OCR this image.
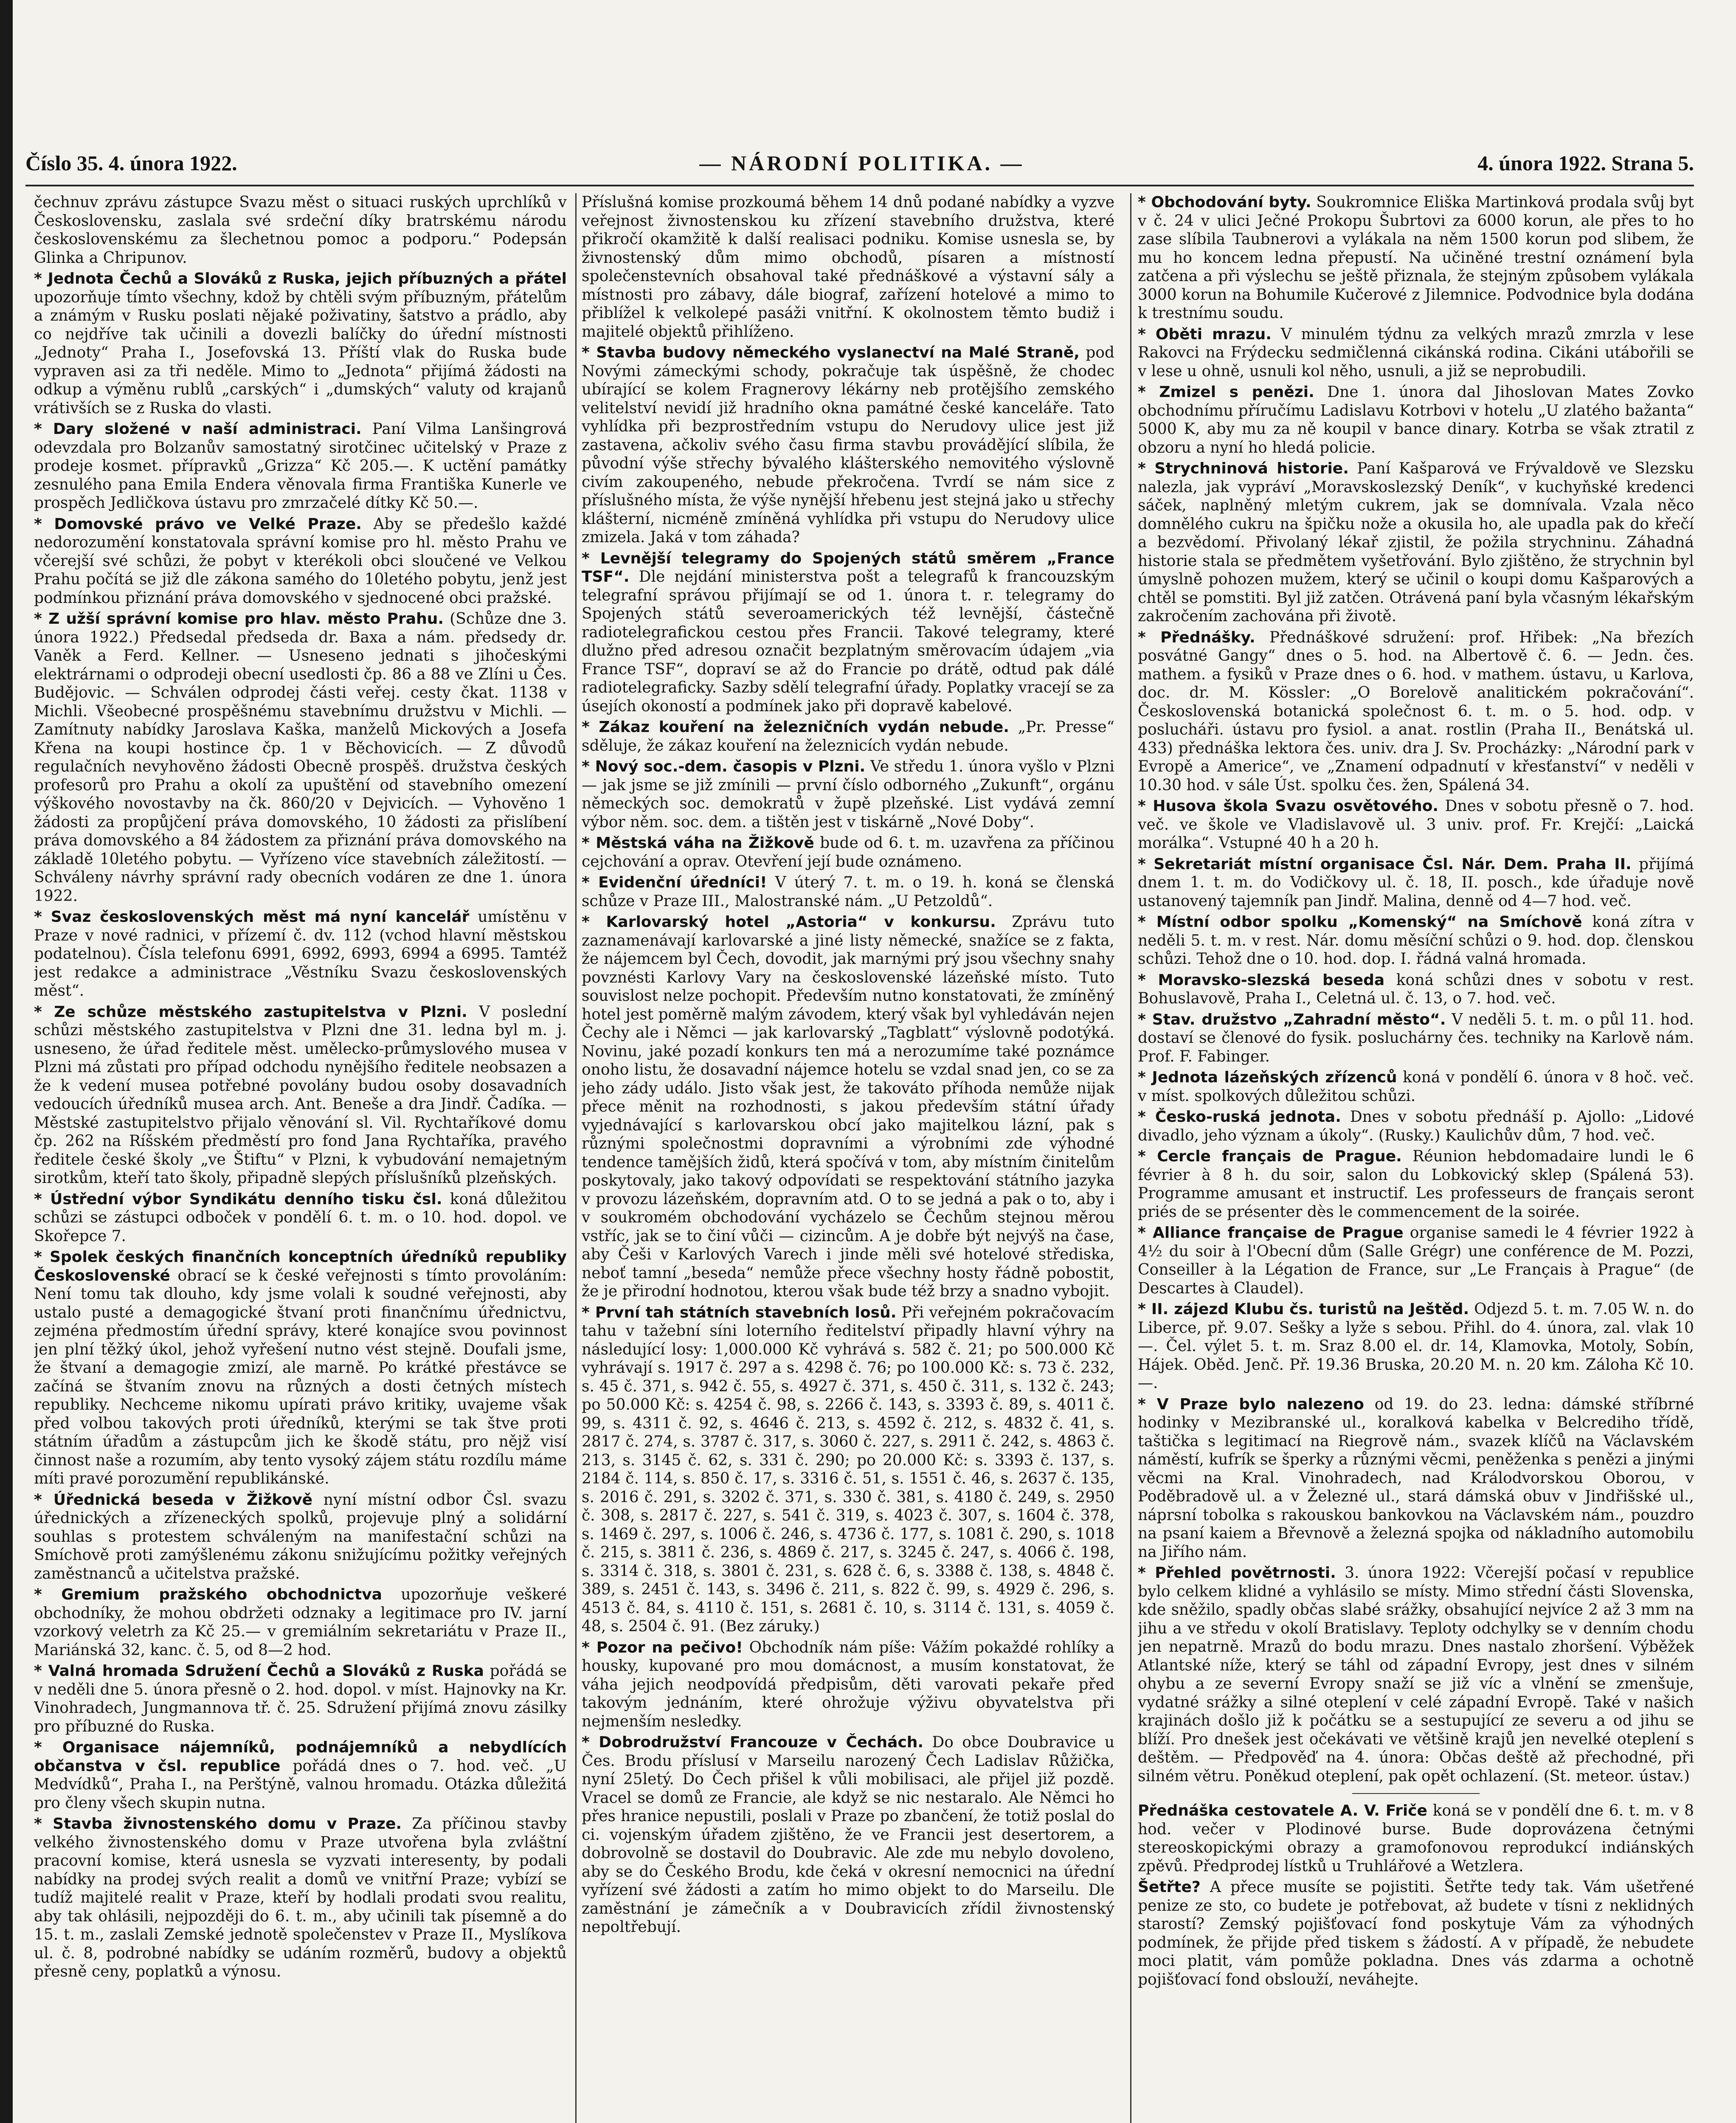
Číslo 35. 4. února 1922.	— NÁRODNÍ POLITIKA. —	4. února 1922. Strana 5.

čechnuv zprávu zástupce Svazu měst o situaci ruských uprchlíků v Československu, zaslala své srdeční díky bratrskému národu československému za šlechetnou pomoc a podporu.“ Podepsán Glinka a Chripunov.

* Jednota Čechů a Slováků z Ruska, jejich příbuzných a přátel upozorňuje tímto všechny, kdož by chtěli svým příbuzným, přátelům a známým v Rusku poslati nějaké poživatiny, šatstvo a prádlo, aby co nejdříve tak učinili a dovezli balíčky do úřední místnosti „Jednoty“ Praha I., Josefovská 13. Příští vlak do Ruska bude vypraven asi za tři neděle. Mimo to „Jednota“ přijímá žádosti na odkup a výměnu rublů „carských“ i „dumských“ valuty od krajanů vrátivších se z Ruska do vlasti.

* Dary složené v naší administraci. Paní Vilma Lanšingrová odevzdala pro Bolzanův samostatný sirotčinec učitelský v Praze z prodeje kosmet. přípravků „Grizza“ Kč 205.—. K uctění památky zesnulého pana Emila Endera věnovala firma Františka Kunerle ve prospěch Jedličkova ústavu pro zmrzačelé dítky Kč 50.—.

* Domovské právo ve Velké Praze. Aby se předešlo každé nedorozumění konstatovala správní komise pro hl. město Prahu ve včerejší své schůzi, že pobyt v kterékoli obci sloučené ve Velkou Prahu počítá se již dle zákona samého do 10letého pobytu, jenž jest podmínkou přiznání práva domovského v sjednocené obci pražské.

* Z užší správní komise pro hlav. město Prahu. (Schůze dne 3. února 1922.) Předsedal předseda dr. Baxa a nám. předsedy dr. Vaněk a Ferd. Kellner. — Usneseno jednati s jihočeskými elektrárnami o odprodeji obecní usedlosti čp. 86 a 88 ve Zlíni u Čes. Budějovic. — Schválen odprodej části veřej. cesty čkat. 1138 v Michli. Všeobecné prospěšnému stavebnímu družstvu v Michli. — Zamítnuty nabídky Jaroslava Kaška, manželů Mickových a Josefa Křena na koupi hostince čp. 1 v Běchovicích. — Z důvodů regulačních nevyhověno žádosti Obecně prospěš. družstva českých profesorů pro Prahu a okolí za upuštění od stavebního omezení výškového novostavby na čk. 860/20 v Dejvicích. — Vyhověno 1 žádosti za propůjčení práva domovského, 10 žádosti za přislíbení práva domovského a 84 žádostem za přiznání práva domovského na základě 10letého pobytu. — Vyřízeno více stavebních záležitostí. — Schváleny návrhy správní rady obecních vodáren ze dne 1. února 1922.

* Svaz československých měst má nyní kancelář umístěnu v Praze v nové radnici, v přízemí č. dv. 112 (vchod hlavní městskou podatelnou). Čísla telefonu 6991, 6992, 6993, 6994 a 6995. Tamtéž jest redakce a administrace „Věstníku Svazu československých měst“.

* Ze schůze městského zastupitelstva v Plzni. V poslední schůzi městského zastupitelstva v Plzni dne 31. ledna byl m. j. usneseno, že úřad ředitele měst. umělecko-průmyslového musea v Plzni má zůstati pro případ odchodu nynějšího ředitele neobsazen a že k vedení musea potřebné povolány budou osoby dosavadních vedoucích úředníků musea arch. Ant. Beneše a dra Jindř. Čadíka. — Městské zastupitelstvo přijalo věnování sl. Vil. Rychtaříkové domu čp. 262 na Ríšském předměstí pro fond Jana Rychtaříka, pravého ředitele české školy „ve Štiftu“ v Plzni, k vybudování nemajetným sirotkům, kteří tato školy, připadně slepých příslušníků plzeňských.

* Ústřední výbor Syndikátu denního tisku čsl. koná důležitou schůzi se zástupci odboček v pondělí 6. t. m. o 10. hod. dopol. ve Skořepce 7.

* Spolek českých finančních konceptních úředníků republiky Československé obrací se k české veřejnosti s tímto provoláním: Není tomu tak dlouho, kdy jsme volali k soudné veřejnosti, aby ustalo pusté a demagogické štvaní proti finančnímu úřednictvu, zejména předmostím úřední správy, které konajíce svou povinnost jen plní těžký úkol, jehož vyřešení nutno vést stejně. Doufali jsme, že štvaní a demagogie zmizí, ale marně. Po krátké přestávce se začíná se štvaním znovu na různých a dosti četných místech republiky. Nechceme nikomu upírati právo kritiky, uvajeme však před volbou takových proti úředníků, kterými se tak štve proti státním úřadům a zástupcům jich ke škodě státu, pro nějž visí činnost naše a rozumím, aby tento vysoký zájem státu rozdílu máme míti pravé porozumění republikánské.

* Úřednická beseda v Žižkově nyní místní odbor Čsl. svazu úřednických a zřízeneckých spolků, projevuje plný a solidární souhlas s protestem schváleným na manifestační schůzi na Smíchově proti zamýšlenému zákonu snižujícímu požitky veřejných zaměstnanců a učitelstva pražské.

* Gremium pražského obchodnictva upozorňuje veškeré obchodníky, že mohou obdržeti odznaky a legitimace pro IV. jarní vzorkový veletrh za Kč 25.— v gremiálním sekretariátu v Praze II., Mariánská 32, kanc. č. 5, od 8—2 hod.

* Valná hromada Sdružení Čechů a Slováků z Ruska pořádá se v neděli dne 5. února přesně o 2. hod. dopol. v míst. Hajnovky na Kr. Vinohradech, Jungmannova tř. č. 25. Sdružení přijímá znovu zásilky pro příbuzné do Ruska.

* Organisace nájemníků, podnájemníků a nebydlících občanstva v čsl. republice pořádá dnes o 7. hod. več. „U Medvídků“, Praha I., na Perštýně, valnou hromadu. Otázka důležitá pro členy všech skupin nutna.

* Stavba živnostenského domu v Praze. Za příčinou stavby velkého živnostenského domu v Praze utvořena byla zvláštní pracovní komise, která usnesla se vyzvati interesenty, by podali nabídky na prodej svých realit a domů ve vnitřní Praze; vybízí se tudíž majitelé realit v Praze, kteří by hodlali prodati svou realitu, aby tak ohlásili, nejpozději do 6. t. m., aby učinili tak písemně a do 15. t. m., zaslali Zemské jednotě společenstev v Praze II., Myslíkova ul. č. 8, podrobné nabídky se udáním rozměrů, budovy a objektů přesně ceny, poplatků a výnosu.

Příslušná komise prozkoumá během 14 dnů podané nabídky a vyzve veřejnost živnostenskou ku zřízení stavebního družstva, které přikročí okamžitě k další realisaci podniku. Komise usnesla se, by živnostenský dům mimo obchodů, písaren a místností společenstevních obsahoval také přednáškové a výstavní sály a místnosti pro zábavy, dále biograf, zařízení hotelové a mimo to přiblížel k velkolepé pasáži vnitřní. K okolnostem těmto budiž i majitelé objektů přihlíženo.

* Stavba budovy německého vyslanectví na Malé Straně, pod Novými zámeckými schody, pokračuje tak úspěšně, že chodec ubírající se kolem Fragnerovy lékárny neb protějšího zemského velitelství nevidí již hradního okna památné české kanceláře. Tato vyhlídka při bezprostředním vstupu do Nerudovy ulice jest již zastavena, ačkoliv svého času firma stavbu provádějící slíbila, že původní výše střechy bývalého klášterského nemovitého výslovně civím zakoupeného, nebude překročena. Tvrdí se nám sice z příslušného místa, že výše nynější hřebenu jest stejná jako u střechy klášterní, nicméně zmíněná vyhlídka při vstupu do Nerudovy ulice zmizela. Jaká v tom záhada?

* Levnější telegramy do Spojených států směrem „France TSF“. Dle nejdání ministerstva pošt a telegrafů k francouzským telegrafní správou přijímají se od 1. února t. r. telegramy do Spojených států severoamerických též levnější, částečně radiotelegrafickou cestou přes Francii. Takové telegramy, které dlužno před adresou označit bezplatným směrovacím údajem „via France TSF“, dopraví se až do Francie po drátě, odtud pak dálé radiotelegraficky. Sazby sdělí telegrafní úřady. Poplatky vracejí se za úsejích okoností a podmínek jako při dopravě kabelové.

* Zákaz kouření na železničních vydán nebude. „Pr. Presse“ sděluje, že zákaz kouření na železnicích vydán nebude.

* Nový soc.-dem. časopis v Plzni. Ve středu 1. února vyšlo v Plzni — jak jsme se již zmínili — první číslo odborného „Zukunft“, orgánu německých soc. demokratů v župě plzeňské. List vydává zemní výbor něm. soc. dem. a tištěn jest v tiskárně „Nové Doby“.

* Městská váha na Žižkově bude od 6. t. m. uzavřena za příčinou cejchování a oprav. Otevření její bude oznámeno.

* Evidenční úředníci! V úterý 7. t. m. o 19. h. koná se členská schůze v Praze III., Malostranské nám. „U Petzoldů“.

* Karlovarský hotel „Astoria“ v konkursu. Zprávu tuto zaznamenávají karlovarské a jiné listy německé, snažíce se z fakta, že nájemcem byl Čech, dovodit, jak marnými prý jsou všechny snahy povznésti Karlovy Vary na československé lázeňské místo. Tuto souvislost nelze pochopit. Především nutno konstatovati, že zmíněný hotel jest poměrně malým závodem, který však byl vyhledáván nejen Čechy ale i Němci — jak karlovarský „Tagblatt“ výslovně podotýká. Novinu, jaké pozadí konkurs ten má a nerozumíme také poznámce onoho listu, že dosavadní nájemce hotelu se vzdal snad jen, co se za jeho zády událo. Jisto však jest, že takováto příhoda nemůže nijak přece měnit na rozhodnosti, s jakou především státní úřady vyjednávající s karlovarskou obcí jako majitelkou lázní, pak s různými společnostmi dopravními a výrobními zde výhodné tendence tamějších židů, která spočívá v tom, aby místním činitelům poskytovaly, jako takový odpovídati se respektování státního jazyka v provozu lázeňském, dopravním atd. O to se jedná a pak o to, aby i v soukromém obchodování vycházelo se Čechům stejnou měrou vstříc, jak se to činí vůči — cizincům. A je dobře být nejvýš na čase, aby Češi v Karlových Varech i jinde měli své hotelové střediska, neboť tamní „beseda“ nemůže přece všechny hosty řádně pobostit, že je přirodní hodnotou, kterou však bude též brzy a snadno vybojit.

* První tah státních stavebních losů. Při veřejném pokračovacím tahu v tažební síni loterního ředitelství připadly hlavní výhry na následující losy: 1,000.000 Kč vyhrává s. 582 č. 21; po 500.000 Kč vyhrávají s. 1917 č. 297 a s. 4298 č. 76; po 100.000 Kč: s. 73 č. 232, s. 45 č. 371, s. 942 č. 55, s. 4927 č. 371, s. 450 č. 311, s. 132 č. 243; po 50.000 Kč: s. 4254 č. 98, s. 2266 č. 143, s. 3393 č. 89, s. 4011 č. 99, s. 4311 č. 92, s. 4646 č. 213, s. 4592 č. 212, s. 4832 č. 41, s. 2817 č. 274, s. 3787 č. 317, s. 3060 č. 227, s. 2911 č. 242, s. 4863 č. 213, s. 3145 č. 62, s. 331 č. 290; po 20.000 Kč: s. 3393 č. 137, s. 2184 č. 114, s. 850 č. 17, s. 3316 č. 51, s. 1551 č. 46, s. 2637 č. 135, s. 2016 č. 291, s. 3202 č. 371, s. 330 č. 381, s. 4180 č. 249, s. 2950 č. 308, s. 2817 č. 227, s. 541 č. 319, s. 4023 č. 307, s. 1604 č. 378, s. 1469 č. 297, s. 1006 č. 246, s. 4736 č. 177, s. 1081 č. 290, s. 1018 č. 215, s. 3811 č. 236, s. 4869 č. 217, s. 3245 č. 247, s. 4066 č. 198, s. 3314 č. 318, s. 3801 č. 231, s. 628 č. 6, s. 3388 č. 138, s. 4848 č. 389, s. 2451 č. 143, s. 3496 č. 211, s. 822 č. 99, s. 4929 č. 296, s. 4513 č. 84, s. 4110 č. 151, s. 2681 č. 10, s. 3114 č. 131, s. 4059 č. 48, s. 2504 č. 91. (Bez záruky.)

* Pozor na pečivo! Obchodník nám píše: Vážím pokaždé rohlíky a housky, kupované pro mou domácnost, a musím konstatovat, že váha jejich neodpovídá předpisům, děti varovati pekaře před takovým jednáním, které ohrožuje výživu obyvatelstva při nejmenším nesledky.

* Dobrodružství Francouze v Čechách. Do obce Doubravice u Čes. Brodu příslusí v Marseilu narozený Čech Ladislav Růžička, nyní 25letý. Do Čech přišel k vůli mobilisaci, ale přijel již pozdě. Vracel se domů ze Francie, ale když se nic nestaralo. Ale Němci ho přes hranice nepustili, poslali v Praze po zbančení, že totiž poslal do ci. vojenským úřadem zjištěno, že ve Francii jest desertorem, a dobrovolně se dostavil do Doubravic. Ale zde mu nebylo dovoleno, aby se do Českého Brodu, kde čeká v okresní nemocnici na úřední vyřízení své žádosti a zatím ho mimo objekt to do Marseilu. Dle zaměstnání je zámečník a v Doubravicích zřídil živnostenský nepoltřebují.

* Obchodování byty. Soukromnice Eliška Martinková prodala svůj byt v č. 24 v ulici Ječné Prokopu Šubrtovi za 6000 korun, ale přes to ho zase slíbila Taubnerovi a vylákala na něm 1500 korun pod slibem, že mu ho koncem ledna přepustí. Na učiněné trestní oznámení byla zatčena a při výslechu se ještě přiznala, že stejným způsobem vylákala 3000 korun na Bohumile Kučerové z Jilemnice. Podvodnice byla dodána k trestnímu soudu.

* Oběti mrazu. V minulém týdnu za velkých mrazů zmrzla v lese Rakovci na Frýdecku sedmičlenná cikánská rodina. Cikáni utábořili se v lese u ohně, usnuli kol něho, usnuli, a již se neprobudili.

* Zmizel s penězi. Dne 1. února dal Jihoslovan Mates Zovko obchodnímu příručímu Ladislavu Kotrbovi v hotelu „U zlatého bažanta“ 5000 K, aby mu za ně koupil v bance dinary. Kotrba se však ztratil z obzoru a nyní ho hledá policie.

* Strychninová historie. Paní Kašparová ve Frývaldově ve Slezsku nalezla, jak vypráví „Moravskoslezský Deník“, v kuchyňské kredenci sáček, naplněný mletým cukrem, jak se domnívala. Vzala něco domnělého cukru na špičku nože a okusila ho, ale upadla pak do křečí a bezvědomí. Přivolaný lékař zjistil, že požila strychninu. Záhadná historie stala se předmětem vyšetřování. Bylo zjištěno, že strychnin byl úmyslně pohozen mužem, který se učinil o koupi domu Kašparových a chtěl se pomstiti. Byl již zatčen. Otrávená paní byla včasným lékařským zakročením zachována při životě.

* Přednášky. Přednáškové sdružení: prof. Hřibek: „Na březích posvátné Gangy“ dnes o 5. hod. na Albertově č. 6. — Jedn. čes. mathem. a fysiků v Praze dnes o 6. hod. v mathem. ústavu, u Karlova, doc. dr. M. Kössler: „O Borelově analitickém pokračování“. Československá botanická společnost 6. t. m. o 5. hod. odp. v poslucháři. ústavu pro fysiol. a anat. rostlin (Praha II., Benátská ul. 433) přednáška lektora čes. univ. dra J. Sv. Procházky: „Národní park v Evropě a Americe“, ve „Znamení odpadnutí v křesťanství“ v neděli v 10.30 hod. v sále Úst. spolku čes. žen, Spálená 34.

* Husova škola Svazu osvětového. Dnes v sobotu přesně o 7. hod. več. ve škole ve Vladislavově ul. 3 univ. prof. Fr. Krejčí: „Laická morálka“. Vstupné 40 h a 20 h.

* Sekretariát místní organisace Čsl. Nár. Dem. Praha II. přijímá dnem 1. t. m. do Vodičkovy ul. č. 18, II. posch., kde úřaduje nově ustanovený tajemník pan Jindř. Malina, denně od 4—7 hod. več.

* Místní odbor spolku „Komenský“ na Smíchově koná zítra v neděli 5. t. m. v rest. Nár. domu měsíční schůzi o 9. hod. dop. členskou schůzi. Tehož dne o 10. hod. dop. I. řádná valná hromada.

* Moravsko-slezská beseda koná schůzi dnes v sobotu v rest. Bohuslavově, Praha I., Celetná ul. č. 13, o 7. hod. več.

* Stav. družstvo „Zahradní město“. V neděli 5. t. m. o půl 11. hod. dostaví se členové do fysik. posluchárny čes. techniky na Karlově nám. Prof. F. Fabinger.

* Jednota lázeňských zřízenců koná v pondělí 6. února v 8 hoč. več. v míst. spolkových důležitou schůzi.

* Česko-ruská jednota. Dnes v sobotu přednáší p. Ajollo: „Lidové divadlo, jeho význam a úkoly“. (Rusky.) Kaulichův dům, 7 hod. več.

* Cercle français de Prague. Réunion hebdomadaire lundi le 6 février à 8 h. du soir, salon du Lobkovický sklep (Spálená 53). Programme amusant et instructif. Les professeurs de français seront priés de se présenter dès le commencement de la soirée.

* Alliance française de Prague organise samedi le 4 février 1922 à 4½ du soir à l'Obecní dům (Salle Grégr) une conférence de M. Pozzi, Conseiller à la Légation de France, sur „Le Français à Prague“ (de Descartes à Claudel).

* II. zájezd Klubu čs. turistů na Ještěd. Odjezd 5. t. m. 7.05 W. n. do Liberce, př. 9.07. Sešky a lyže s sebou. Přihl. do 4. února, zal. vlak 10—. Čel. výlet 5. t. m. Sraz 8.00 el. dr. 14, Klamovka, Motoly, Sobín, Hájek. Oběd. Jenč. Př. 19.36 Bruska, 20.20 M. n. 20 km. Záloha Kč 10.—.

* V Praze bylo nalezeno od 19. do 23. ledna: dámské stříbrné hodinky v Mezibranské ul., koralková kabelka v Belcrediho třídě, taštička s legitimací na Riegrově nám., svazek klíčů na Václavském náměstí, kufrík se šperky a různými věcmi, peněženka s penězi a jinými věcmi na Kral. Vinohradech, nad Králodvorskou Oborou, v Poděbradově ul. a v Železné ul., stará dámská obuv v Jindřišské ul., náprsní tobolka s rakouskou bankovkou na Václavském nám., pouzdro na psaní kaiem a Břevnově a železná spojka od nákladního automobilu na Jiřího nám.

* Přehled povětrnosti. 3. února 1922: Včerejší počasí v republice bylo celkem klidné a vyhlásilo se místy. Mimo střední části Slovenska, kde sněžilo, spadly občas slabé srážky, obsahující nejvíce 2 až 3 mm na jihu a ve středu v okolí Bratislavy. Teploty odchylky se v denním chodu jen nepatrně. Mrazů do bodu mrazu. Dnes nastalo zhoršení. Výběžek Atlantské níže, který se táhl od západní Evropy, jest dnes v silném ohybu a ze severní Evropy snaží se již víc a vlnění se zmenšuje, vydatné srážky a silné oteplení v celé západní Evropě. Také v našich krajinách došlo již k počátku se a sestupující ze severu a od jihu se blíží. Pro dnešek jest očekávati ve většině krajů jen nevelké oteplení s deštěm. — Předpověď na 4. února: Občas deště až přechodné, při silném větru. Poněkud oteplení, pak opět ochlazení. (St. meteor. ústav.)

Přednáška cestovatele A. V. Friče koná se v pondělí dne 6. t. m. v 8 hod. večer v Plodinové burse. Bude doprovázena četnými stereoskopickými obrazy a gramofonovou reprodukcí indiánských zpěvů. Předprodej lístků u Truhlářové a Wetzlera.

Šetřte? A přece musíte se pojistiti. Šetřte tedy tak. Vám ušetřené penize ze sto, co budete je potřebovat, až budete v tísni z neklidných starostí? Zemský pojišťovací fond poskytuje Vám za výhodných podmínek, že přijde před tiskem s žádostí. A v případě, že nebudete moci platit, vám pomůže pokladna. Dnes vás zdarma a ochotně pojišťovací fond obslouží, neváhejte.
